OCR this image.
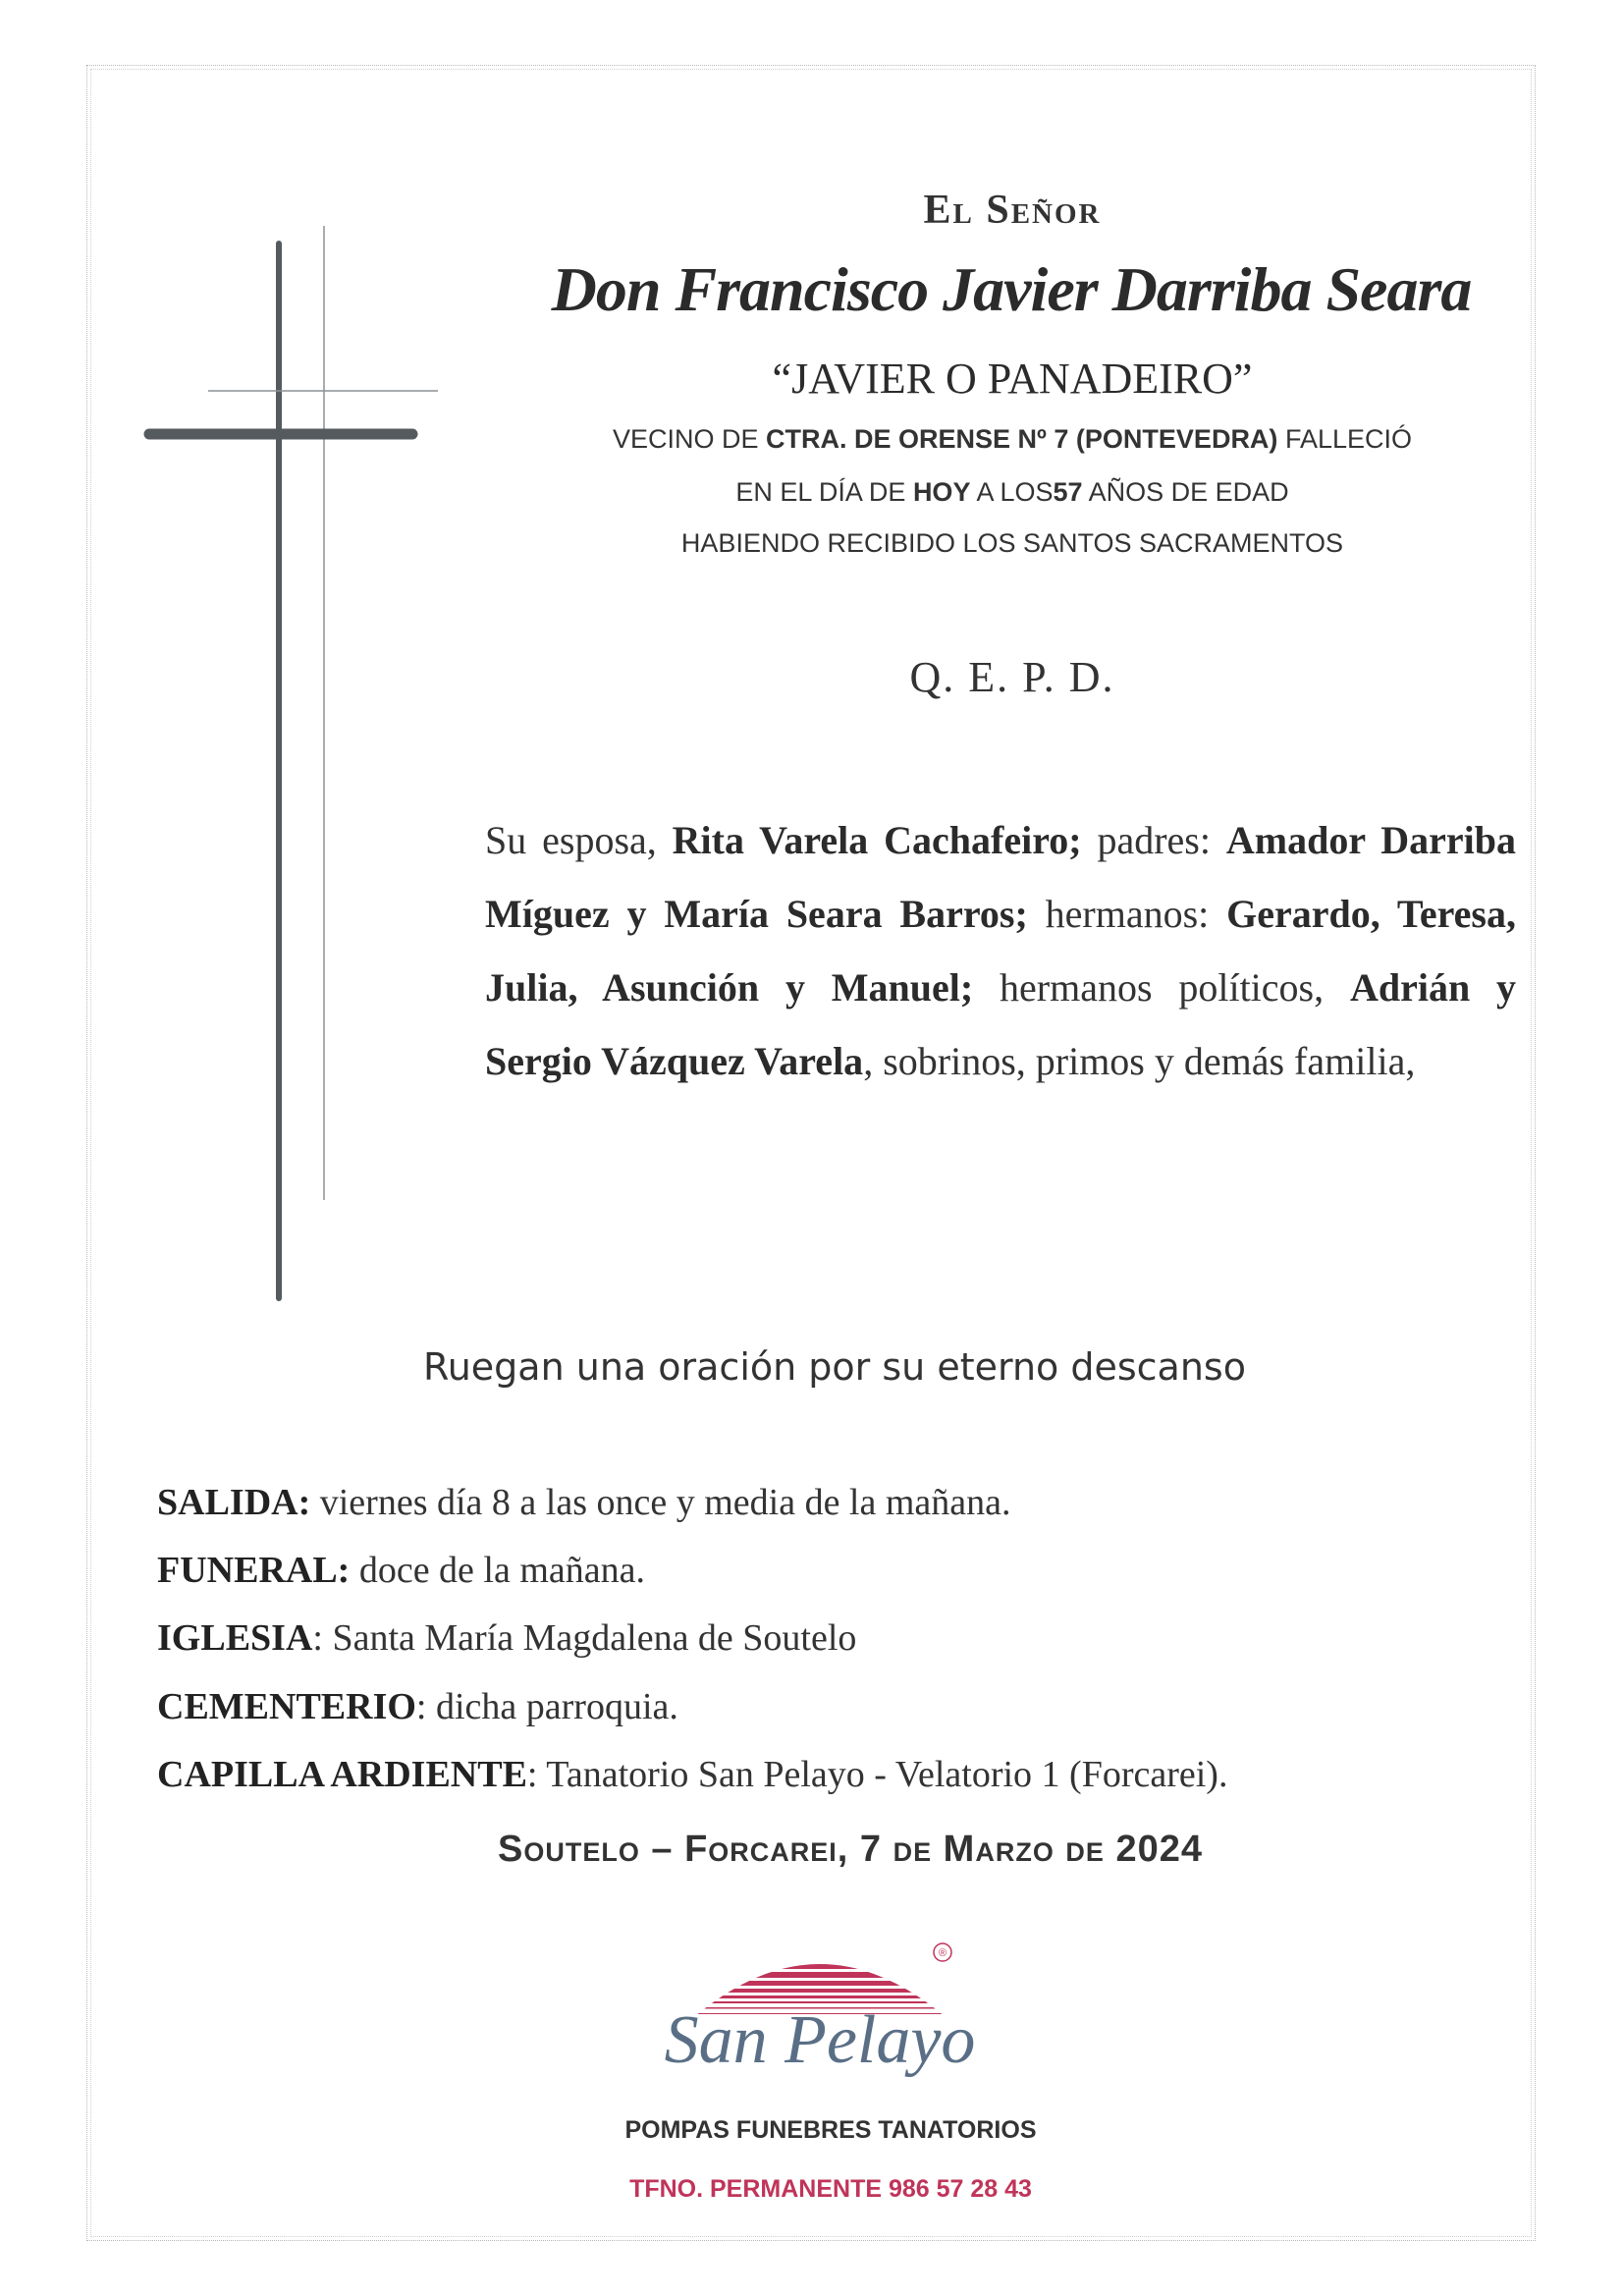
El Señor
Don Francisco Javier Darriba Seara
“JAVIER O PANADEIRO”
VECINO DE CTRA. DE ORENSE Nº 7 (PONTEVEDRA) FALLECIÓ
EN EL DÍA DE HOY A LOS57 AÑOS DE EDAD
HABIENDO RECIBIDO LOS SANTOS SACRAMENTOS
Q. E. P. D.
Su esposa, Rita Varela Cachafeiro; padres: Amador Darriba Míguez y María Seara Barros; hermanos: Gerardo, Teresa, Julia, Asunción y Manuel; hermanos políticos, Adrián y Sergio Vázquez Varela, sobrinos, primos y demás familia,
Ruegan una oración por su eterno descanso
SALIDA: viernes día 8 a las once y media de la mañana.
FUNERAL: doce de la mañana.
IGLESIA: Santa María Magdalena de Soutelo
CEMENTERIO: dicha parroquia.
CAPILLA ARDIENTE: Tanatorio San Pelayo - Velatorio 1 (Forcarei).
Soutelo – Forcarei, 7 de Marzo de 2024
®
San Pelayo
POMPAS FUNEBRES TANATORIOS
TFNO. PERMANENTE 986 57 28 43
